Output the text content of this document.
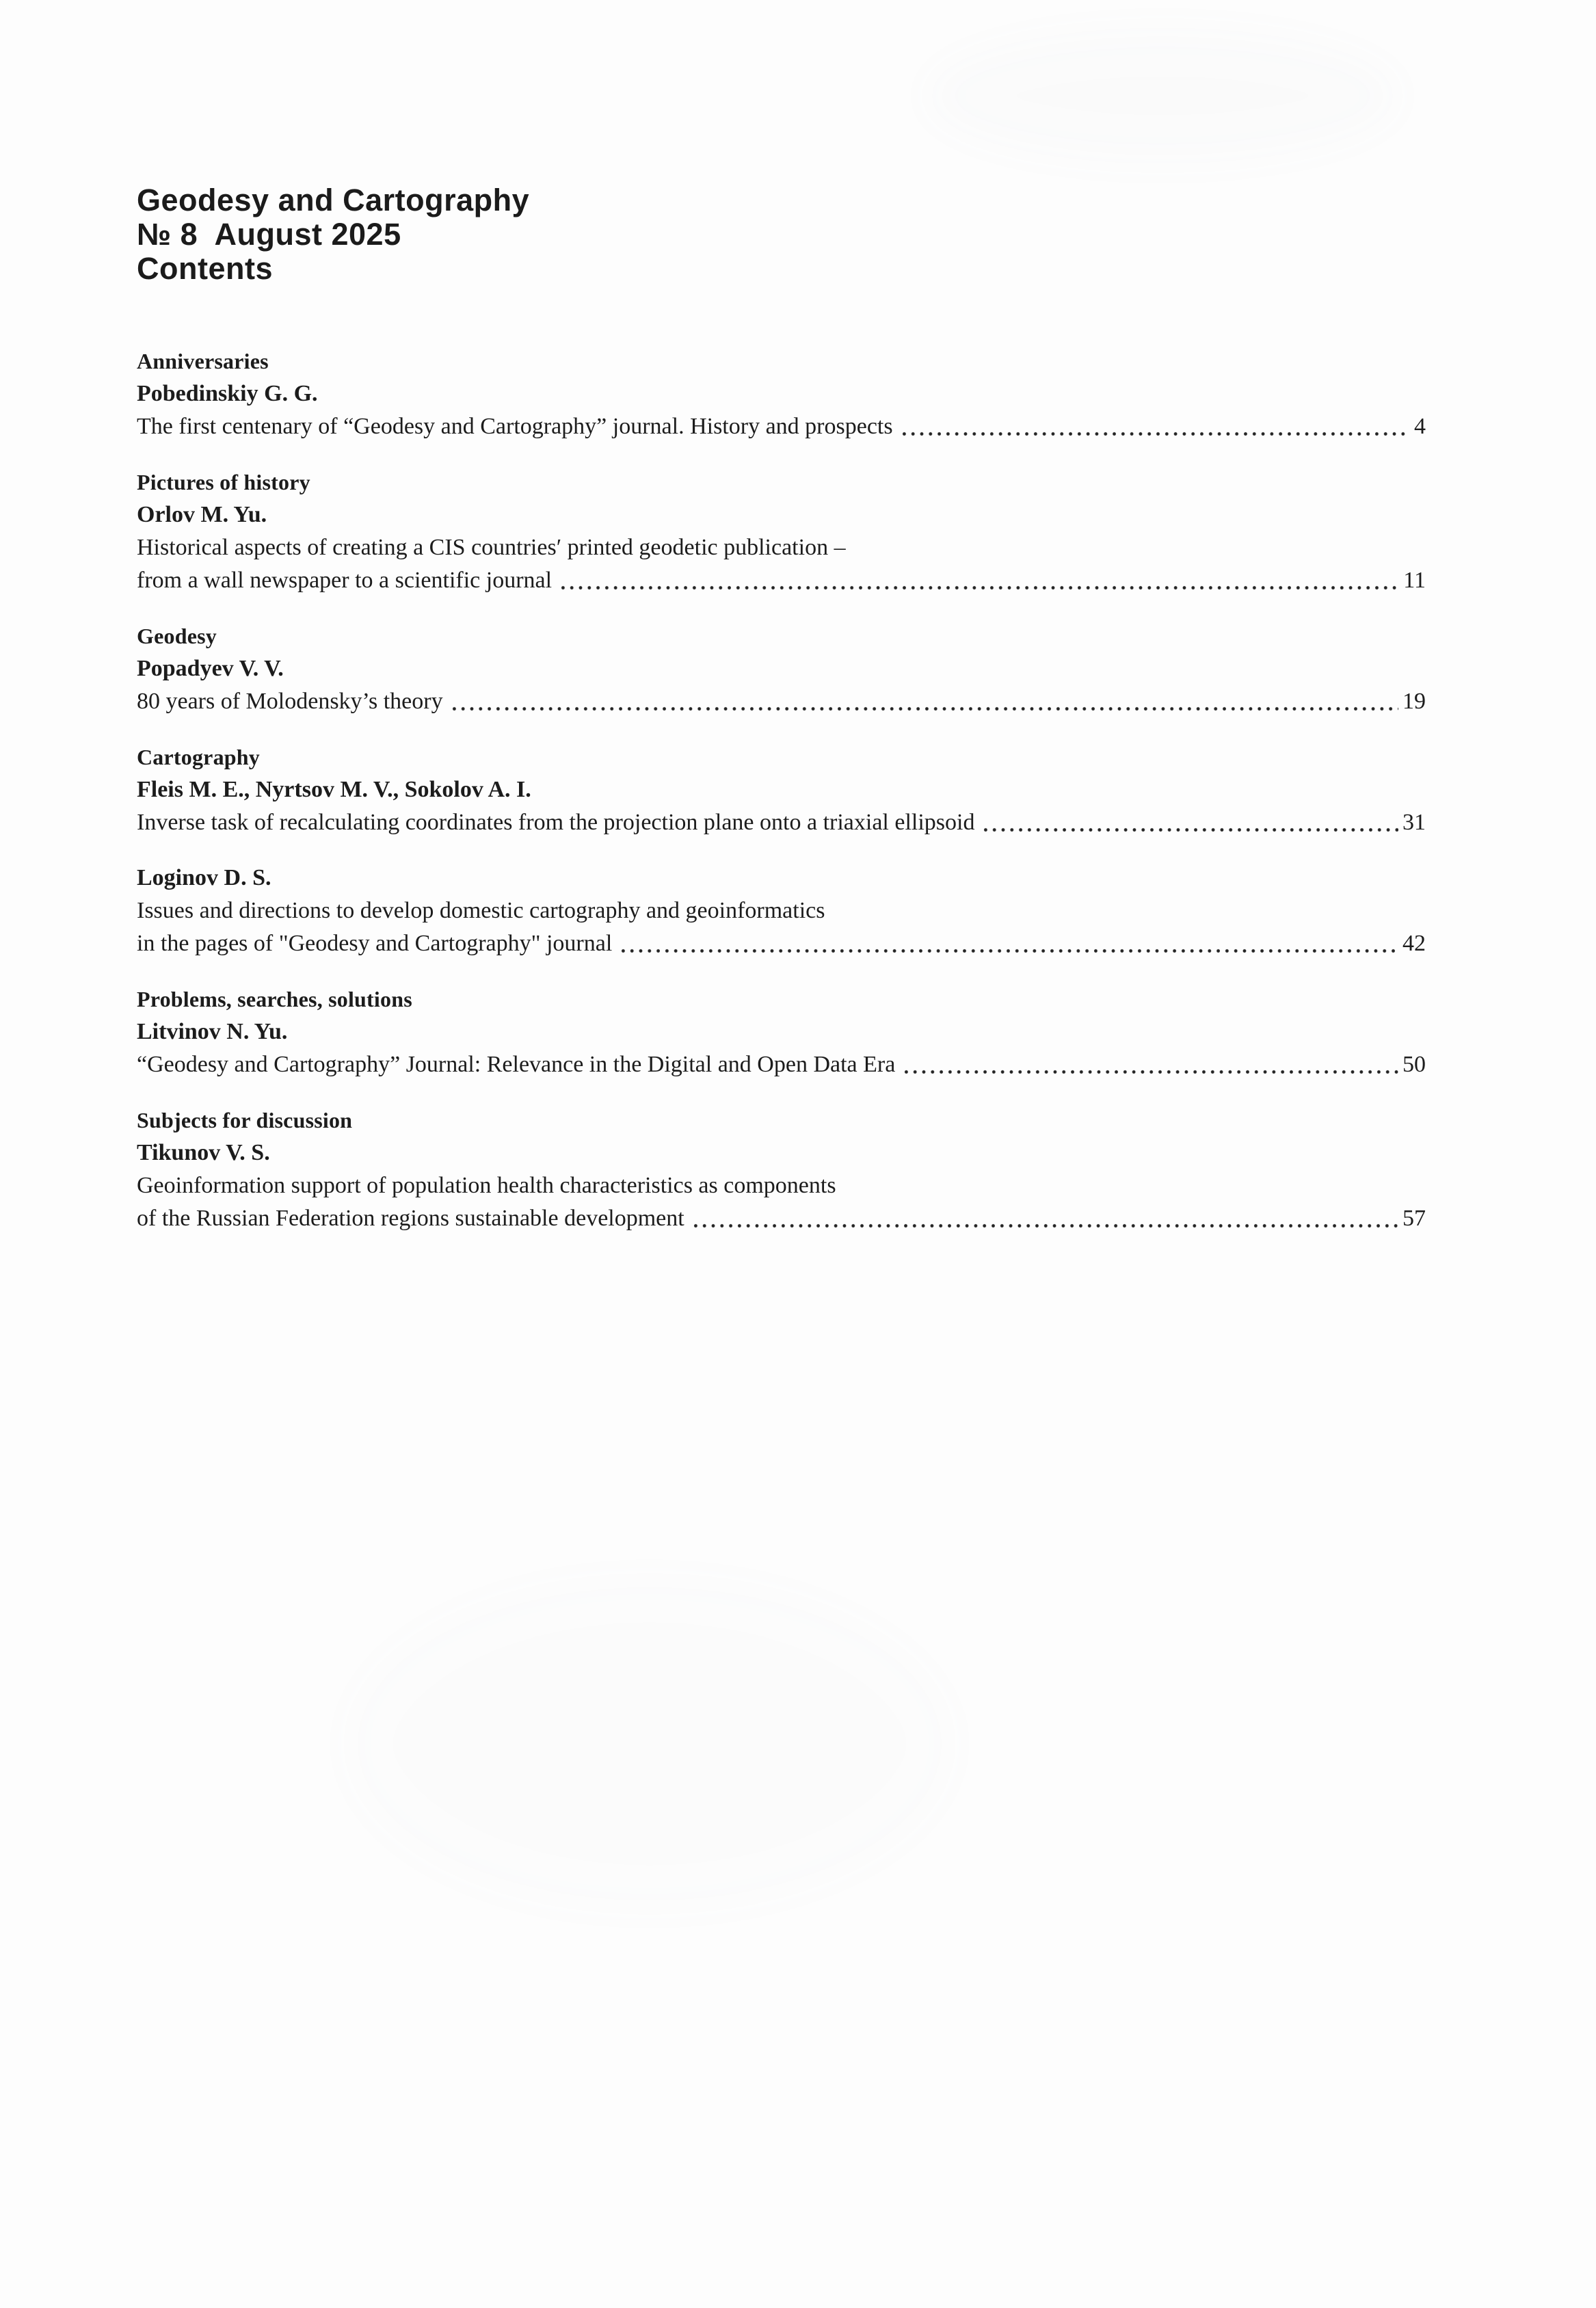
Geodesy and Cartography
№ 8  August 2025
Contents
Anniversaries
Pobedinskiy G. G.
The first centenary of “Geodesy and Cartography” journal. History and prospects	4
Pictures of history
Orlov M. Yu.
Historical aspects of creating a CIS countries′ printed geodetic publication –
from a wall newspaper to a scientific journal	11
Geodesy
Popadyev V. V.
80 years of Molodensky’s theory	19
Cartography
Fleis M. E., Nyrtsov M. V., Sokolov A. I.
Inverse task of recalculating coordinates from the projection plane onto a triaxial ellipsoid	31
Loginov D. S.
Issues and directions to develop domestic cartography and geoinformatics
in the pages of "Geodesy and Cartography" journal	42
Problems, searches, solutions
Litvinov N. Yu.
“Geodesy and Cartography” Journal: Relevance in the Digital and Open Data Era	50
Subjects for discussion
Tikunov V. S.
Geoinformation support of population health characteristics as components
of the Russian Federation regions sustainable development	57
